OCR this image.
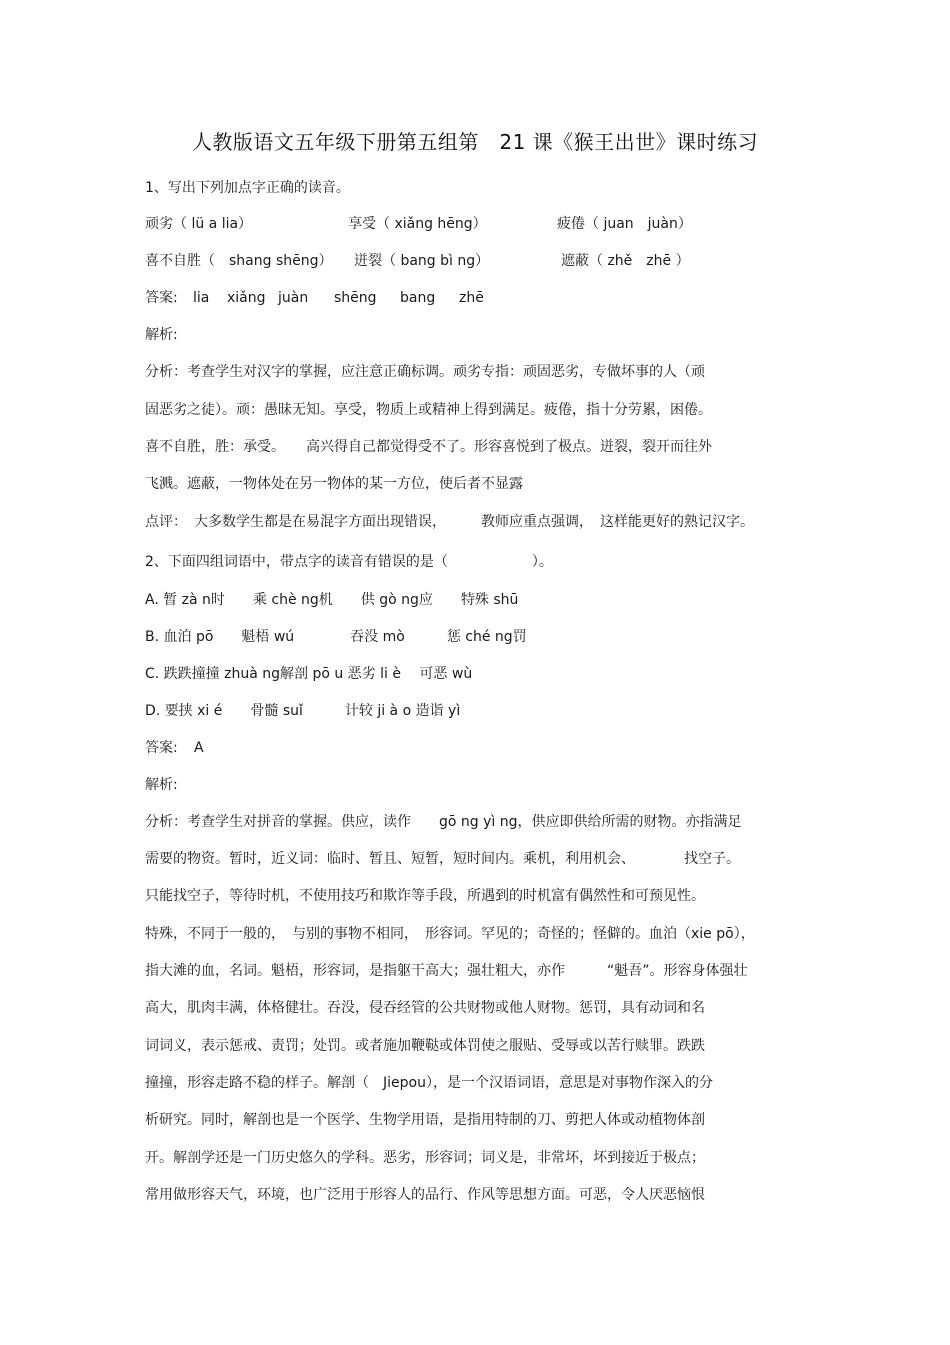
人教版语文五年级下册第五组第　21 课《猴王出世》课时练习
1、写出下列加点字正确的读音。
顽劣（ lü a lia）	享受（ xiǎng hēng）	疲倦（ juan　juàn）
喜不自胜（　shang shēng） 迸裂（ bang bì ng）	遮蔽（ zhě　zhē ）
答案: lia xiǎng juàn shēng bang zhē
解析:
分析：考查学生对汉字的掌握，应注意正确标调。顽劣专指：顽固恶劣，专做坏事的人（顽
固恶劣之徒）。顽：愚昧无知。享受，物质上或精神上得到满足。疲倦，指十分劳累，困倦。
喜不自胜，胜：承受。　　高兴得自己都觉得受不了。形容喜悦到了极点。迸裂，裂开而往外
飞溅。遮蔽，一物体处在另一物体的某一方位，使后者不显露
点评：　大多数学生都是在易混字方面出现错误，　　　教师应重点强调，　这样能更好的熟记汉字。
2、下面四组词语中，带点字的读音有错误的是（　　　　　　）。
A. 暂 zà n时　　乘 chè ng机　　供 gò ng应　　特殊 shū
B. 血泊 pō　　魁梧 wú　　　　吞没 mò　　　惩 ché ng罚
C. 跌跌撞撞 zhuà ng解剖 pō u 恶劣 li è　 可恶 wù
D. 要挟 xi é　　骨髓 suǐ　　　计较 ji à o 造诣 yì
答案: A
解析:
分析：考查学生对拼音的掌握。供应，读作　　gō ng yì ng，供应即供给所需的财物。亦指满足
需要的物资。暂时，近义词：临时、暂且、短暂，短时间内。乘机，利用机会、　　　　找空子。
只能找空子，等待时机，不使用技巧和欺诈等手段，所遇到的时机富有偶然性和可预见性。
特殊，不同于一般的，　与别的事物不相同，　形容词。罕见的；奇怪的；怪僻的。血泊（xie pō），
指大滩的血，名词。魁梧，形容词，是指躯干高大；强壮粗大，亦作　　　“魁吾”。形容身体强壮
高大，肌肉丰满，体格健壮。吞没，侵吞经管的公共财物或他人财物。惩罚，具有动词和名
词词义，表示惩戒、责罚；处罚。或者施加鞭鞑或体罚使之服贴、受辱或以苦行赎罪。跌跌
撞撞，形容走路不稳的样子。解剖（　Jiepou），是一个汉语词语，意思是对事物作深入的分
析研究。同时，解剖也是一个医学、生物学用语，是指用特制的刀、剪把人体或动植物体剖
开。解剖学还是一门历史悠久的学科。恶劣，形容词；词义是，非常坏，坏到接近于极点；
常用做形容天气，环境，也广泛用于形容人的品行、作风等思想方面。可恶，令人厌恶恼恨
